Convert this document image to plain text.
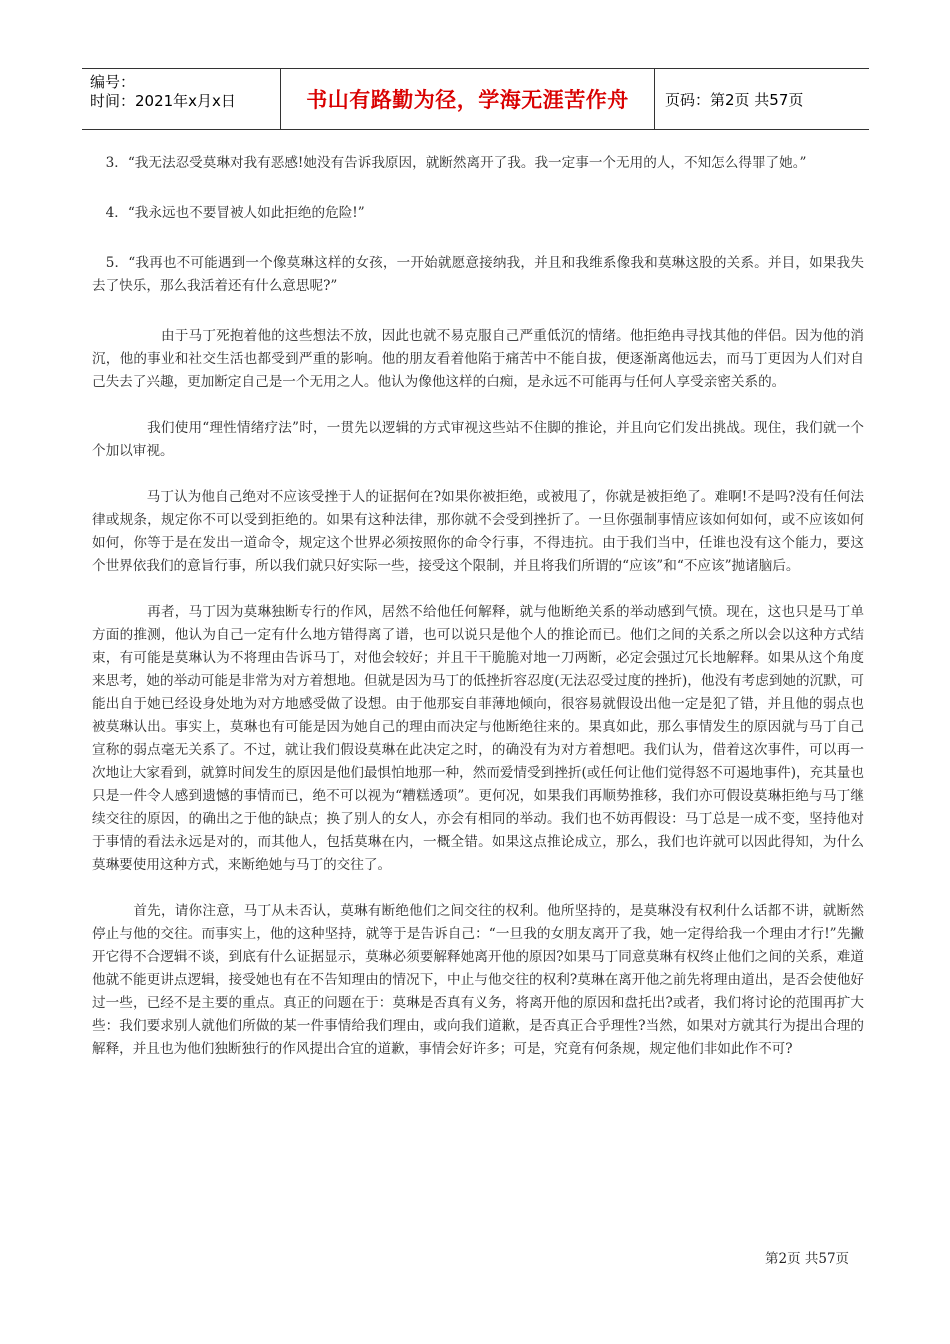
编号：
时间：2021年x月x日	书山有路勤为径，学海无涯苦作舟	页码：第2页 共57页

　3．“我无法忍受莫琳对我有恶感!她没有告诉我原因，就断然离开了我。我一定事一个无用的人，不知怎么得罪了她。”

　4．“我永远也不要冒被人如此拒绝的危险!”

　5．“我再也不可能遇到一个像莫琳这样的女孩，一开始就愿意接纳我，并且和我维系像我和莫琳这股的关系。并目，如果我失去了快乐，那么我活着还有什么意思呢?”

　　　　　由于马丁死抱着他的这些想法不放，因此也就不易克服自己严重低沉的情绪。他拒绝冉寻找其他的伴侣。因为他的消沉，他的事业和社交生活也都受到严重的影响。他的朋友看着他陷于痛苦中不能自拔，便逐渐离他远去，而马丁更因为人们对自己失去了兴趣，更加断定自己是一个无用之人。他认为像他这样的白痴，是永远不可能再与任何人享受亲密关系的。

　　　　我们使用“理性情绪疗法”时，一贯先以逻辑的方式审视这些站不住脚的推论，并且向它们发出挑战。现住，我们就一个个加以审视。

　　　　马丁认为他自己绝对不应该受挫于人的证据何在?如果你被拒绝，或被甩了，你就是被拒绝了。难啊!不是吗?没有任何法律或规条，规定你不可以受到拒绝的。如果有这种法律，那你就不会受到挫折了。一旦你强制事情应该如何如何，或不应该如何如何，你等于是在发出一道命令，规定这个世界必须按照你的命令行事，不得违抗。由于我们当中，任谁也没有这个能力，要这个世界依我们的意旨行事，所以我们就只好实际一些，接受这个限制，并且将我们所谓的“应该”和“不应该”抛诸脑后。

　　　　再者，马丁因为莫琳独断专行的作风，居然不给他任何解释，就与他断绝关系的举动感到气愤。现在，这也只是马丁单方面的推测，他认为自己一定有什么地方错得离了谱，也可以说只是他个人的推论而已。他们之间的关系之所以会以这种方式结束，有可能是莫琳认为不将理由告诉马丁，对他会较好；并且干干脆脆对地一刀两断，必定会强过冗长地解释。如果从这个角度来思考，她的举动可能是非常为对方着想地。但就是因为马丁的低挫折容忍度(无法忍受过度的挫折)，他没有考虑到她的沉默，可能出自于她已经设身处地为对方地感受做了设想。由于他那妄自菲薄地倾向，很容易就假设出他一定是犯了错，并且他的弱点也被莫琳认出。事实上，莫琳也有可能是因为她自己的理由而决定与他断绝往来的。果真如此，那么事情发生的原因就与马丁自己宣称的弱点毫无关系了。不过，就让我们假设莫琳在此决定之时，的确没有为对方着想吧。我们认为，借着这次事件，可以再一次地让大家看到，就算时间发生的原因是他们最惧怕地那一种，然而爱情受到挫折(或任何让他们觉得怒不可遏地事件)，充其量也只是一件令人感到遗憾的事情而已，绝不可以视为“糟糕透项”。更何况，如果我们再顺势推移，我们亦可假设莫琳拒绝与马丁继续交往的原因，的确出之于他的缺点；换了别人的女人，亦会有相同的举动。我们也不妨再假设：马丁总是一成不变，坚持他对于事情的看法永远是对的，而其他人，包括莫琳在内，一概全错。如果这点推论成立，那么，我们也许就可以因此得知，为什么莫琳要使用这种方式，来断绝她与马丁的交往了。

　　　首先，请你注意，马丁从未否认，莫琳有断绝他们之间交往的权利。他所坚持的，是莫琳没有权利什么话都不讲，就断然停止与他的交往。而事实上，他的这种坚持，就等于是告诉自己：“一旦我的女朋友离开了我，她一定得给我一个理由才行!”先撇开它得不合逻辑不谈，到底有什么证据显示，莫琳必须要解释她离开他的原因?如果马丁同意莫琳有权终止他们之间的关系，难道他就不能更讲点逻辑，接受她也有在不告知理由的情况下，中止与他交往的权利?莫琳在离开他之前先将理由道出，是否会使他好过一些，已经不是主要的重点。真正的问题在于：莫琳是否真有义务，将离开他的原因和盘托出?或者，我们将讨论的范围再扩大些：我们要求别人就他们所做的某一件事情给我们理由，或向我们道歉，是否真正合乎理性?当然，如果对方就其行为提出合理的解释，并且也为他们独断独行的作风提出合宜的道歉，事情会好许多；可是，究竟有何条规，规定他们非如此作不可?

第2页 共57页
